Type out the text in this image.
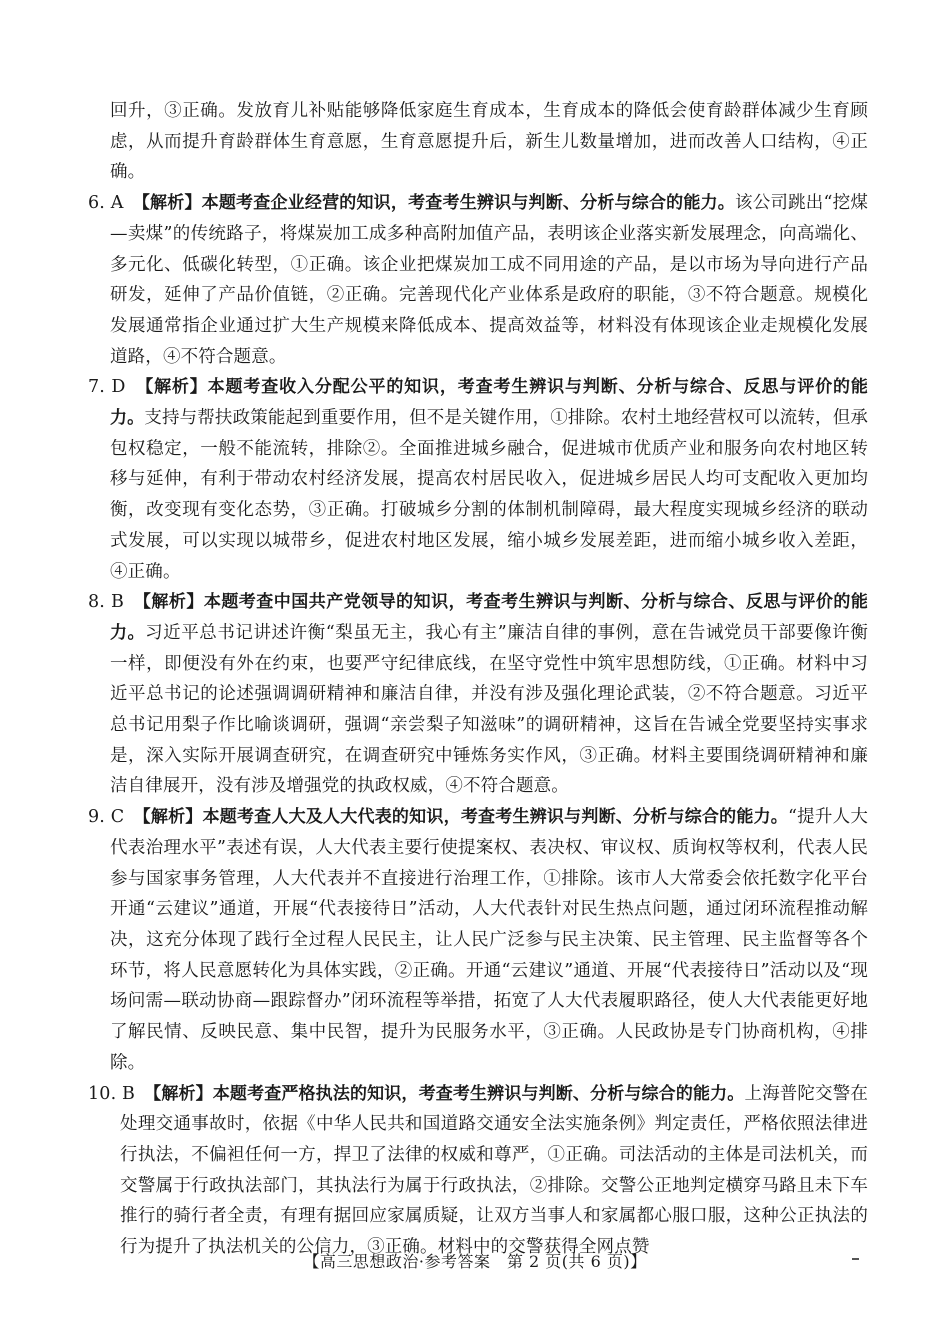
回升，③正确。发放育儿补贴能够降低家庭生育成本，生育成本的降低会使育龄群体减少生育顾虑，从而提升育龄群体生育意愿，生育意愿提升后，新生儿数量增加，进而改善人口结构，④正确。

6. A　 【解析】本题考查企业经营的知识，考查考生辨识与判断、分析与综合的能力。该公司跳出“挖煤—卖煤”的传统路子，将煤炭加工成多种高附加值产品，表明该企业落实新发展理念，向高端化、多元化、低碳化转型，①正确。该企业把煤炭加工成不同用途的产品，是以市场为导向进行产品研发，延伸了产品价值链，②正确。完善现代化产业体系是政府的职能，③不符合题意。规模化发展通常指企业通过扩大生产规模来降低成本、提高效益等，材料没有体现该企业走规模化发展道路，④不符合题意。

7. D　 【解析】本题考查收入分配公平的知识，考查考生辨识与判断、分析与综合、反思与评价的能力。支持与帮扶政策能起到重要作用，但不是关键作用，①排除。农村土地经营权可以流转，但承包权稳定，一般不能流转，排除②。全面推进城乡融合，促进城市优质产业和服务向农村地区转移与延伸，有利于带动农村经济发展，提高农村居民收入，促进城乡居民人均可支配收入更加均衡，改变现有变化态势，③正确。打破城乡分割的体制机制障碍，最大程度实现城乡经济的联动式发展，可以实现以城带乡，促进农村地区发展，缩小城乡发展差距，进而缩小城乡收入差距，④正确。

8. B　 【解析】本题考查中国共产党领导的知识，考查考生辨识与判断、分析与综合、反思与评价的能力。习近平总书记讲述许衡“梨虽无主，我心有主”廉洁自律的事例，意在告诫党员干部要像许衡一样，即便没有外在约束，也要严守纪律底线，在坚守党性中筑牢思想防线，①正确。材料中习近平总书记的论述强调调研精神和廉洁自律，并没有涉及强化理论武装，②不符合题意。习近平总书记用梨子作比喻谈调研，强调“亲尝梨子知滋味”的调研精神，这旨在告诫全党要坚持实事求是，深入实际开展调查研究，在调查研究中锤炼务实作风，③正确。材料主要围绕调研精神和廉洁自律展开，没有涉及增强党的执政权威，④不符合题意。

9. C　 【解析】本题考查人大及人大代表的知识，考查考生辨识与判断、分析与综合的能力。“提升人大代表治理水平”表述有误，人大代表主要行使提案权、表决权、审议权、质询权等权利，代表人民参与国家事务管理，人大代表并不直接进行治理工作，①排除。该市人大常委会依托数字化平台开通“云建议”通道，开展“代表接待日”活动，人大代表针对民生热点问题，通过闭环流程推动解决，这充分体现了践行全过程人民民主，让人民广泛参与民主决策、民主管理、民主监督等各个环节，将人民意愿转化为具体实践，②正确。开通“云建议”通道、开展“代表接待日”活动以及“现场问需—联动协商—跟踪督办”闭环流程等举措，拓宽了人大代表履职路径，使人大代表能更好地了解民情、反映民意、集中民智，提升为民服务水平，③正确。人民政协是专门协商机构，④排除。

10. B　 【解析】本题考查严格执法的知识，考查考生辨识与判断、分析与综合的能力。上海普陀交警在处理交通事故时，依据《中华人民共和国道路交通安全法实施条例》判定责任，严格依照法律进行执法，不偏袒任何一方，捍卫了法律的权威和尊严，①正确。司法活动的主体是司法机关，而交警属于行政执法部门，其执法行为属于行政执法，②排除。交警公正地判定横穿马路且未下车推行的骑行者全责，有理有据回应家属质疑，让双方当事人和家属都心服口服，这种公正执法的行为提升了执法机关的公信力，③正确。材料中的交警获得全网点赞

【高三思想政治·参考答案　第 2 页(共 6 页)】
